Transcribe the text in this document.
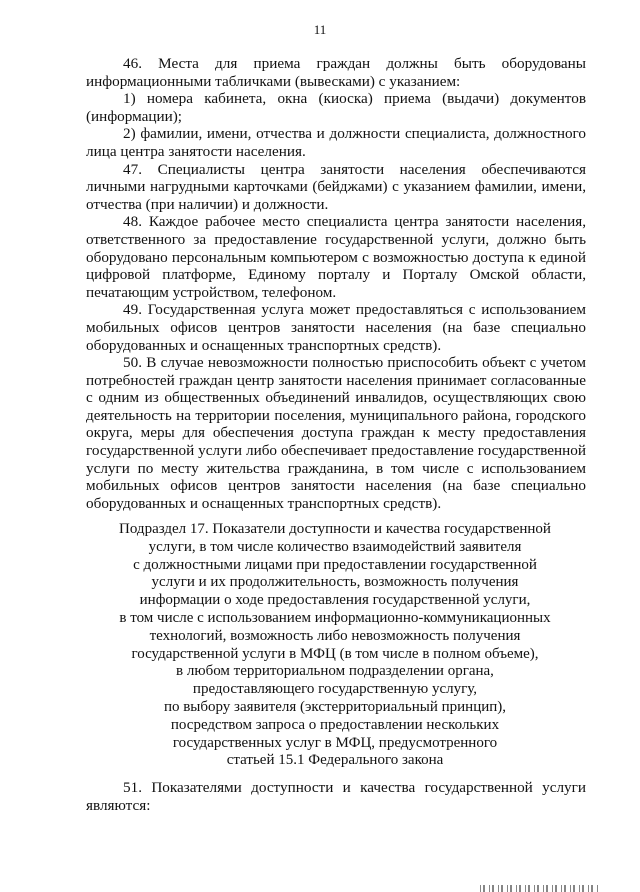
11

46. Места для приема граждан должны быть оборудованы информационными табличками (вывесками) с указанием:

1) номера кабинета, окна (киоска) приема (выдачи) документов (информации);

2) фамилии, имени, отчества и должности специалиста, должностного лица центра занятости населения.

47. Специалисты центра занятости населения обеспечиваются личными нагрудными карточками (бейджами) с указанием фамилии, имени, отчества (при наличии) и должности.

48. Каждое рабочее место специалиста центра занятости населения, ответственного за предоставление государственной услуги, должно быть оборудовано персональным компьютером с возможностью доступа к единой цифровой платформе, Единому порталу и Порталу Омской области, печатающим устройством, телефоном.

49. Государственная услуга может предоставляться с использованием мобильных офисов центров занятости населения (на базе специально оборудованных и оснащенных транспортных средств).

50. В случае невозможности полностью приспособить объект с учетом потребностей граждан центр занятости населения принимает согласованные с одним из общественных объединений инвалидов, осуществляющих свою деятельность на территории поселения, муниципального района, городского округа, меры для обеспечения доступа граждан к месту предоставления государственной услуги либо обеспечивает предоставление государственной услуги по месту жительства гражданина, в том числе с использованием мобильных офисов центров занятости населения (на базе специально оборудованных и оснащенных транспортных средств).

Подраздел 17. Показатели доступности и качества государственной
услуги, в том числе количество взаимодействий заявителя
с должностными лицами при предоставлении государственной
услуги и их продолжительность, возможность получения
информации о ходе предоставления государственной услуги,
в том числе с использованием информационно-коммуникационных
технологий, возможность либо невозможность получения
государственной услуги в МФЦ (в том числе в полном объеме),
в любом территориальном подразделении органа,
предоставляющего государственную услугу,
по выбору заявителя (экстерриториальный принцип),
посредством запроса о предоставлении нескольких
государственных услуг в МФЦ, предусмотренного
статьей 15.1 Федерального закона

51. Показателями доступности и качества государственной услуги являются:
